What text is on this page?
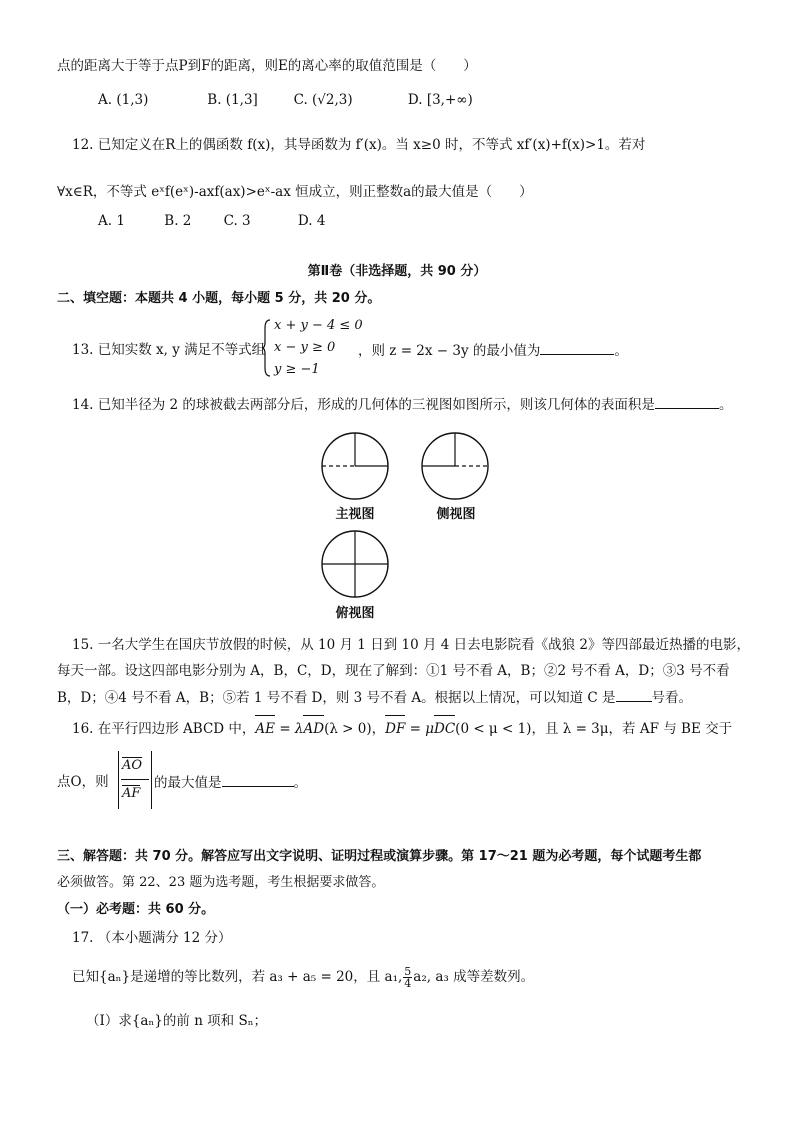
点的距离大于等于点P到F的距离，则E的离心率的取值范围是（　　）
A. (1,3)	B. (1,3]	C. (√2,3)	D. [3,+∞)
12. 已知定义在R上的偶函数 f(x)，其导函数为 f′(x)。当 x≥0 时，不等式 xf′(x)+f(x)>1。若对
∀x∈R，不等式 eˣf(eˣ)-axf(ax)>eˣ-ax 恒成立，则正整数a的最大值是（　　）
A. 1	B. 2 C. 3	D. 4
第Ⅱ卷（非选择题，共 90 分）
二、填空题：本题共 4 小题，每小题 5 分，共 20 分。
13. 已知实数 x, y 满足不等式组
x + y − 4 ≤ 0
x − y ≥ 0
y ≥ −1
，则 z = 2x − 3y 的最小值为	。
14. 已知半径为 2 的球被截去两部分后，形成的几何体的三视图如图所示，则该几何体的表面积是	。
主视图	侧视图
俯视图
15. 一名大学生在国庆节放假的时候，从 10 月 1 日到 10 月 4 日去电影院看《战狼 2》等四部最近热播的电影，
每天一部。设这四部电影分别为 A，B，C，D，现在了解到：①1 号不看 A，B；②2 号不看 A，D；③3 号不看
B，D；④4 号不看 A，B；⑤若 1 号不看 D，则 3 号不看 A。根据以上情况，可以知道 C 是	号看。
16. 在平行四边形 ABCD 中，
AE = λ
AD(λ > 0)，
DF = μ
DC(0 < μ < 1)，且 λ = 3μ，若 AF 与 BE 交于
点O，则 $\frac{AO}{AF}$ 的最大值是	。
三、解答题：共 70 分。解答应写出文字说明、证明过程或演算步骤。第 17～21 题为必考题，每个试题考生都
必须做答。第 22、23 题为选考题，考生根据要求做答。
（一）必考题：共 60 分。
17. （本小题满分 12 分）
已知{aₙ}是递增的等比数列，若 a₃ + a₅ = 20，且 a₁, $\frac{5}{4} a_2$, a₃ 成等差数列。
（Ⅰ）求{aₙ}的前 n 项和 Sₙ；
